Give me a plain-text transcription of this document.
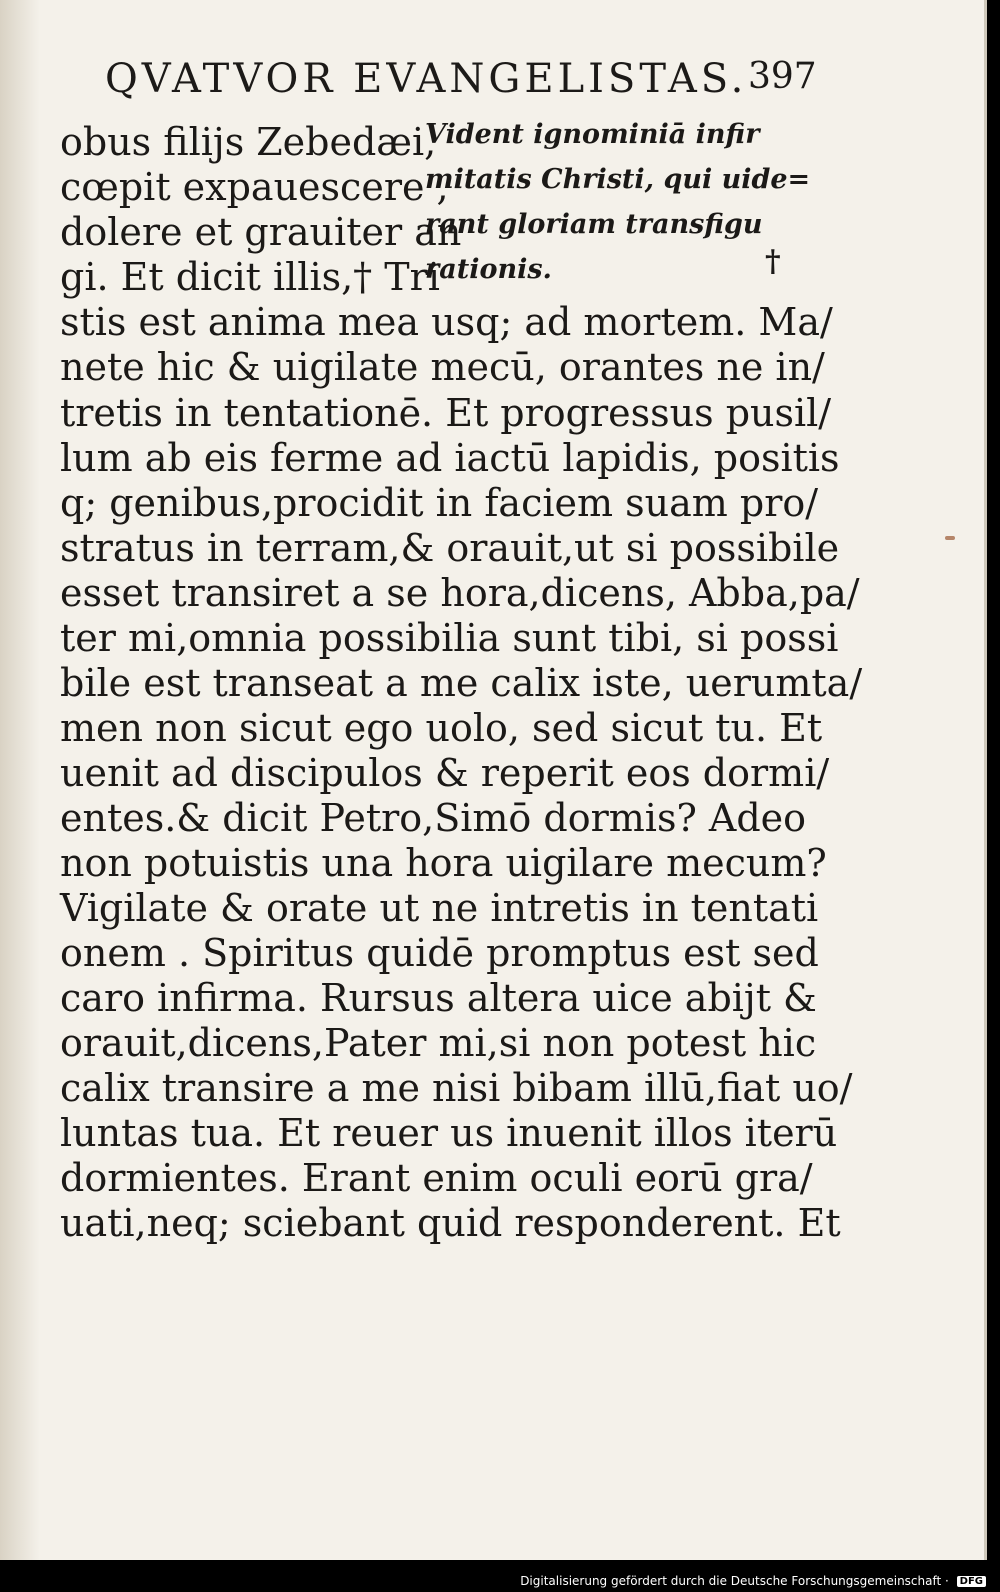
QVATVOR EVANGELISTAS. 397
obus filijs Zebedæi,
cœpit expauescere ,
dolere et grauiter an
gi. Et dicit illis,† Tri
stis est anima mea usq; ad mortem. Ma/
nete hic & uigilate mecū, orantes ne in/
tretis in tentationē. Et progressus pusil/
lum ab eis ferme ad iactū lapidis, positis
q; genibus,procidit in faciem suam pro/
stratus in terram,& orauit,ut si possibile
esset transiret a se hora,dicens, Abba,pa/
ter mi,omnia possibilia sunt tibi, si possi
bile est transeat a me calix iste, uerumta/
men non sicut ego uolo, sed sicut tu. Et
uenit ad discipulos & reperit eos dormi/
entes.& dicit Petro,Simō dormis? Adeo
non potuistis una hora uigilare mecum?
Vigilate & orate ut ne intretis in tentati
onem . Spiritus quidē promptus est sed
caro infirma. Rursus altera uice abijt &
orauit,dicens,Pater mi,si non potest hic
calix transire a me nisi bibam illū,fiat uo/
luntas tua. Et reuer us inuenit illos iterū
dormientes. Erant enim oculi eorū gra/
uati,neq; sciebant quid responderent. Et
Vident ignominiā infir
mitatis Christi, qui uide=
rant gloriam transfigu
rationis.	†
Digitalisierung gefördert durch die Deutsche Forschungsgemeinschaft · DFG
